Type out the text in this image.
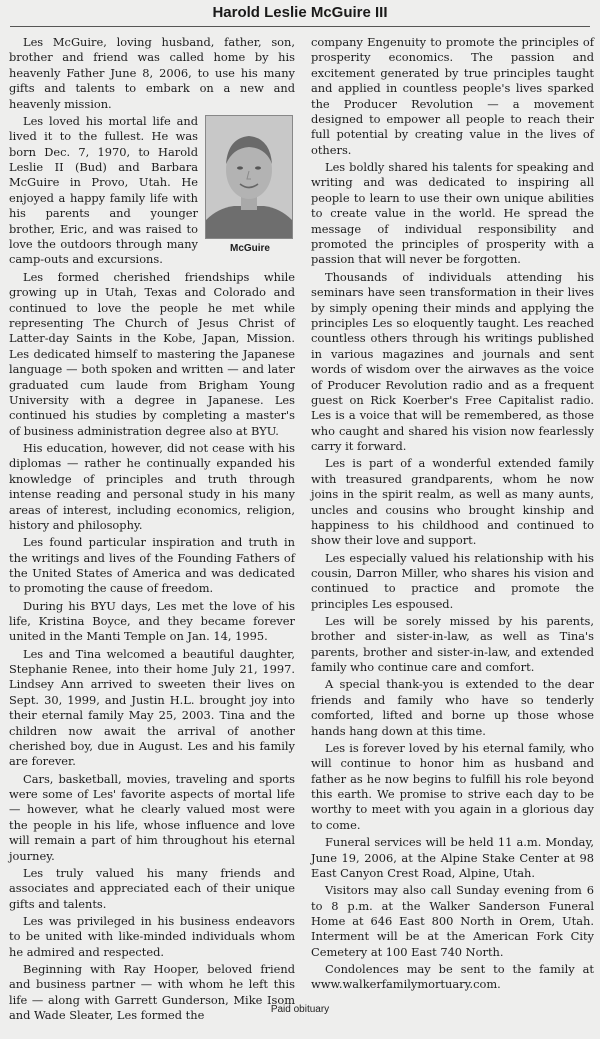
Harold Leslie McGuire III

Les McGuire, loving husband, father, son, brother and friend was called home by his heavenly Father June 8, 2006, to use his many gifts and talents to embark on a new and heavenly mission.

McGuire

Les loved his mortal life and lived it to the fullest. He was born Dec. 7, 1970, to Harold Leslie II (Bud) and Barbara McGuire in Provo, Utah. He enjoyed a happy family life with his parents and younger brother, Eric, and was raised to love the outdoors through many camp-outs and excursions.

Les formed cherished friendships while growing up in Utah, Texas and Colorado and continued to love the people he met while representing The Church of Jesus Christ of Latter-day Saints in the Kobe, Japan, Mission. Les dedicated himself to mastering the Japanese language — both spoken and written — and later graduated cum laude from Brigham Young University with a degree in Japanese. Les continued his studies by completing a master's of business administration degree also at BYU.

His education, however, did not cease with his diplomas — rather he continually expanded his knowledge of principles and truth through intense reading and personal study in his many areas of interest, including economics, religion, history and philosophy.

Les found particular inspiration and truth in the writings and lives of the Founding Fathers of the United States of America and was dedicated to promoting the cause of freedom.

During his BYU days, Les met the love of his life, Kristina Boyce, and they became forever united in the Manti Temple on Jan. 14, 1995.

Les and Tina welcomed a beautiful daughter, Stephanie Renee, into their home July 21, 1997. Lindsey Ann arrived to sweeten their lives on Sept. 30, 1999, and Justin H.L. brought joy into their eternal family May 25, 2003. Tina and the children now await the arrival of another cherished boy, due in August. Les and his family are forever.

Cars, basketball, movies, traveling and sports were some of Les' favorite aspects of mortal life — however, what he clearly valued most were the people in his life, whose influence and love will remain a part of him throughout his eternal journey.

Les truly valued his many friends and associates and appreciated each of their unique gifts and talents.

Les was privileged in his business endeavors to be united with like-minded individuals whom he admired and respected.

Beginning with Ray Hooper, beloved friend and business partner — with whom he left this life — along with Garrett Gunderson, Mike Isom and Wade Sleater, Les formed the

company Engenuity to promote the principles of prosperity economics. The passion and excitement generated by true principles taught and applied in countless people's lives sparked the Producer Revolution — a movement designed to empower all people to reach their full potential by creating value in the lives of others.

Les boldly shared his talents for speaking and writing and was dedicated to inspiring all people to learn to use their own unique abilities to create value in the world. He spread the message of individual responsibility and promoted the principles of prosperity with a passion that will never be forgotten.

Thousands of individuals attending his seminars have seen transformation in their lives by simply opening their minds and applying the principles Les so eloquently taught. Les reached countless others through his writings published in various magazines and journals and sent words of wisdom over the airwaves as the voice of Producer Revolution radio and as a frequent guest on Rick Koerber's Free Capitalist radio. Les is a voice that will be remembered, as those who caught and shared his vision now fearlessly carry it forward.

Les is part of a wonderful extended family with treasured grandparents, whom he now joins in the spirit realm, as well as many aunts, uncles and cousins who brought kinship and happiness to his childhood and continued to show their love and support.

Les especially valued his relationship with his cousin, Darron Miller, who shares his vision and continued to practice and promote the principles Les espoused.

Les will be sorely missed by his parents, brother and sister-in-law, as well as Tina's parents, brother and sister-in-law, and extended family who continue care and comfort.

A special thank-you is extended to the dear friends and family who have so tenderly comforted, lifted and borne up those whose hands hang down at this time.

Les is forever loved by his eternal family, who will continue to honor him as husband and father as he now begins to fulfill his role beyond this earth. We promise to strive each day to be worthy to meet with you again in a glorious day to come.

Funeral services will be held 11 a.m. Monday, June 19, 2006, at the Alpine Stake Center at 98 East Canyon Crest Road, Alpine, Utah.

Visitors may also call Sunday evening from 6 to 8 p.m. at the Walker Sanderson Funeral Home at 646 East 800 North in Orem, Utah. Interment will be at the American Fork City Cemetery at 100 East 740 North.

Condolences may be sent to the family at www.walkerfamilymortuary.com.

Paid obituary
